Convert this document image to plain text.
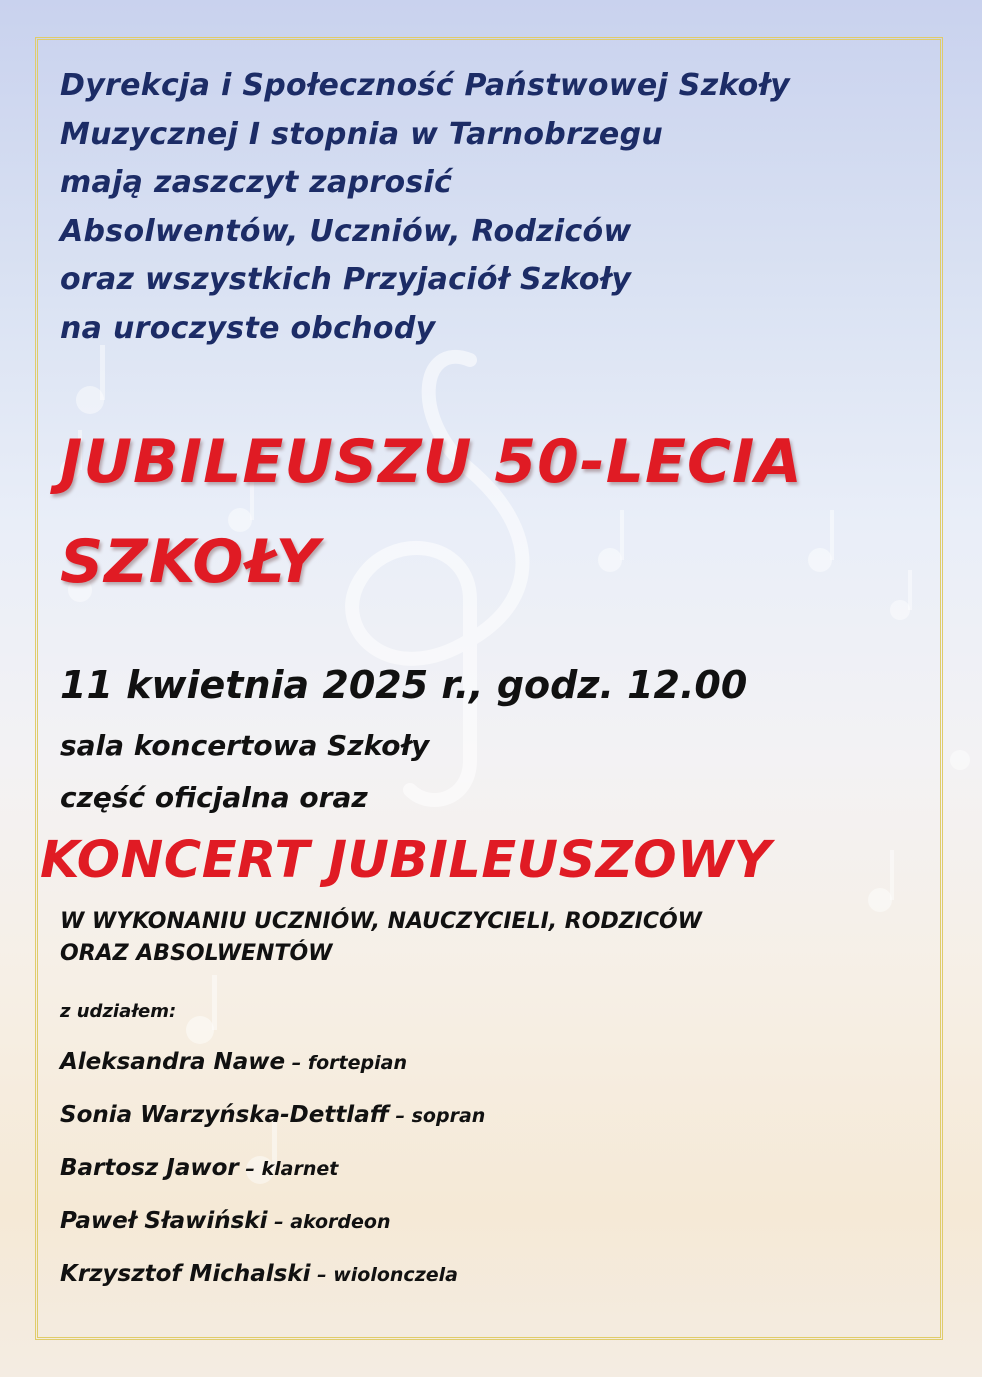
Dyrekcja i Społeczność Państwowej Szkoły
Muzycznej I stopnia w Tarnobrzegu
mają zaszczyt zaprosić
Absolwentów, Uczniów, Rodziców
oraz wszystkich Przyjaciół Szkoły
na uroczyste obchody
JUBILEUSZU 50-LECIA
SZKOŁY
11 kwietnia 2025 r., godz. 12.00
sala koncertowa Szkoły
część oficjalna oraz
KONCERT JUBILEUSZOWY
W WYKONANIU UCZNIÓW, NAUCZYCIELI, RODZICÓW
ORAZ ABSOLWENTÓW
z udziałem:
Aleksandra Nawe – fortepian
Sonia Warzyńska-Dettlaff – sopran
Bartosz Jawor – klarnet
Paweł Sławiński – akordeon
Krzysztof Michalski – wiolonczela
